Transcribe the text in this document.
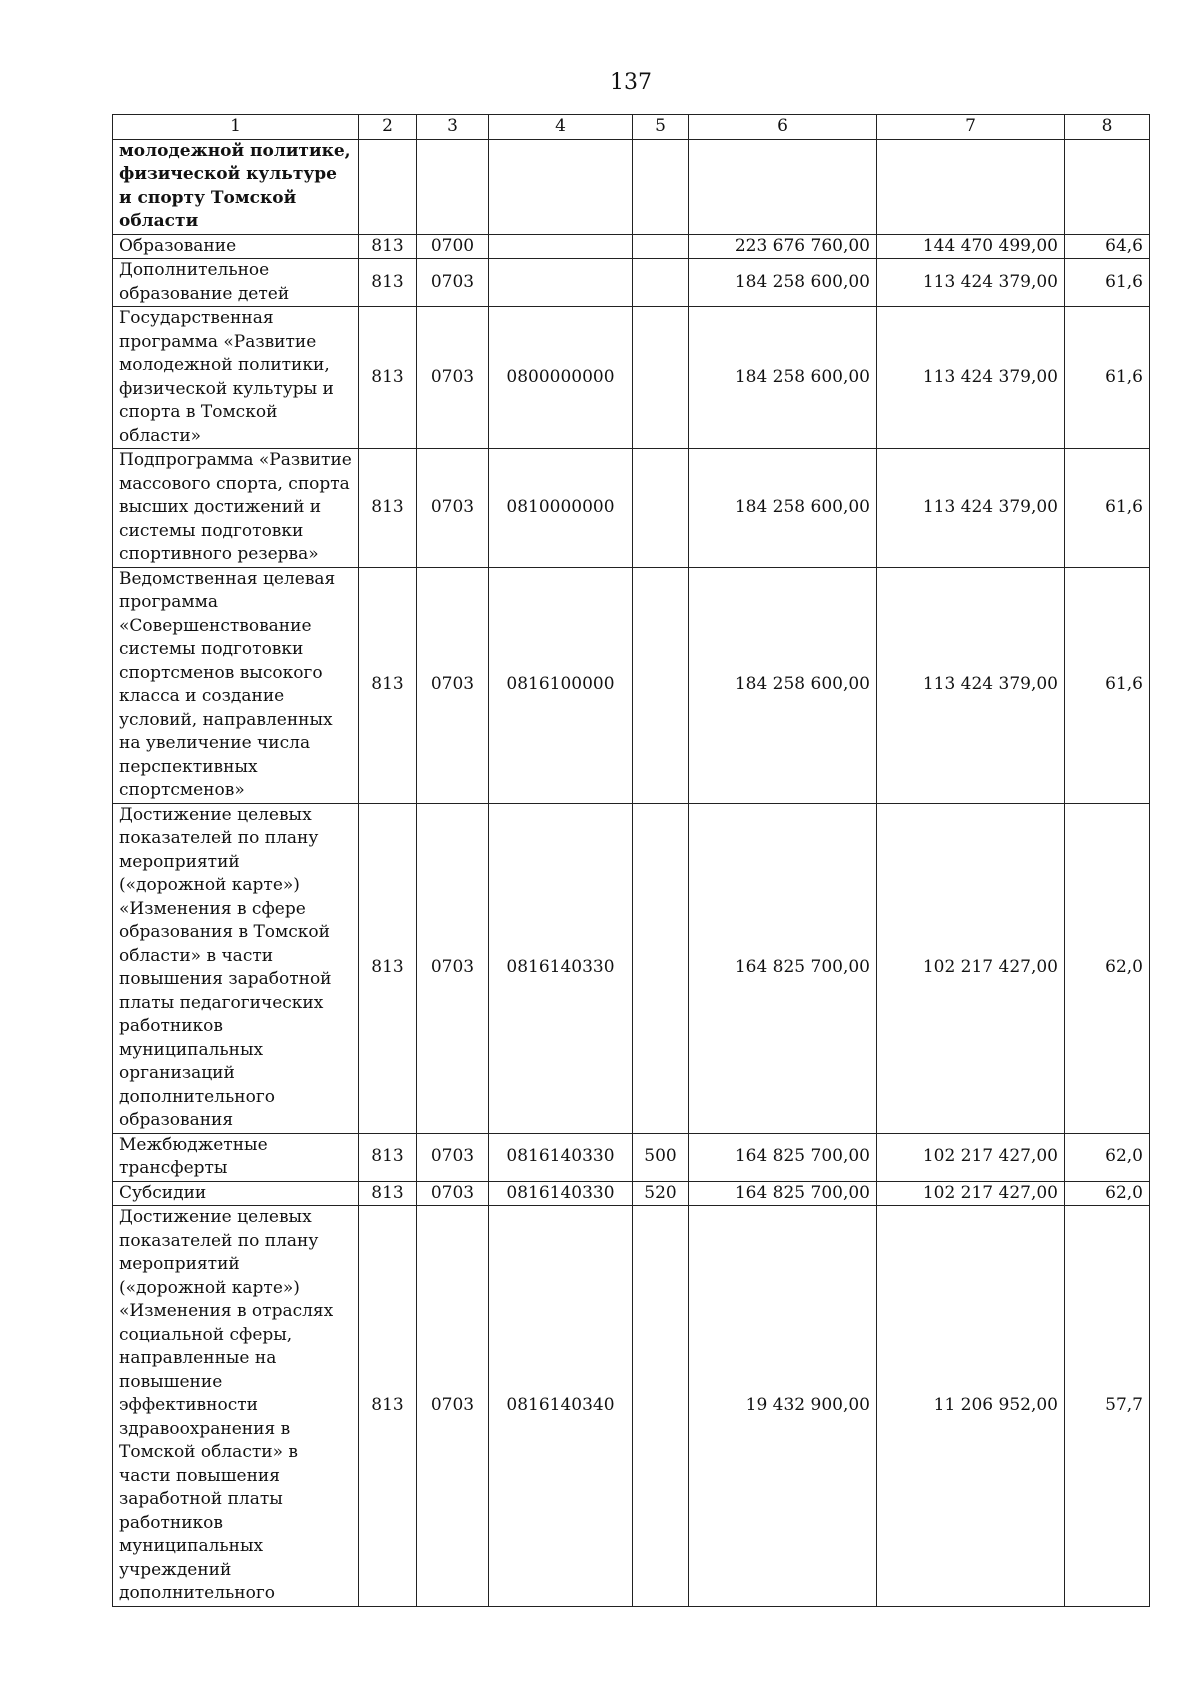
137
1	2	3	4	5	6	7	8
молодежной политике, физической культуре и спорту Томской области							
Образование	813	0700			223 676 760,00	144 470 499,00	64,6
Дополнительное образование детей	813	0703			184 258 600,00	113 424 379,00	61,6
Государственная программа «Развитие молодежной политики, физической культуры и спорта в Томской области»	813	0703	0800000000		184 258 600,00	113 424 379,00	61,6
Подпрограмма «Развитие массового спорта, спорта высших достижений и системы подготовки спортивного резерва»	813	0703	0810000000		184 258 600,00	113 424 379,00	61,6
Ведомственная целевая программа «Совершенствование системы подготовки спортсменов высокого класса и создание условий, направленных на увеличение числа перспективных спортсменов»	813	0703	0816100000		184 258 600,00	113 424 379,00	61,6
Достижение целевых показателей по плану мероприятий («дорожной карте») «Изменения в сфере образования в Томской области» в части повышения заработной платы педагогических работников муниципальных организаций дополнительного образования	813	0703	0816140330		164 825 700,00	102 217 427,00	62,0
Межбюджетные трансферты	813	0703	0816140330	500	164 825 700,00	102 217 427,00	62,0
Субсидии	813	0703	0816140330	520	164 825 700,00	102 217 427,00	62,0
Достижение целевых показателей по плану мероприятий («дорожной карте») «Изменения в отраслях социальной сферы, направленные на повышение эффективности здравоохранения в Томской области» в части повышения заработной платы работников муниципальных учреждений дополнительного	813	0703	0816140340		19 432 900,00	11 206 952,00	57,7
